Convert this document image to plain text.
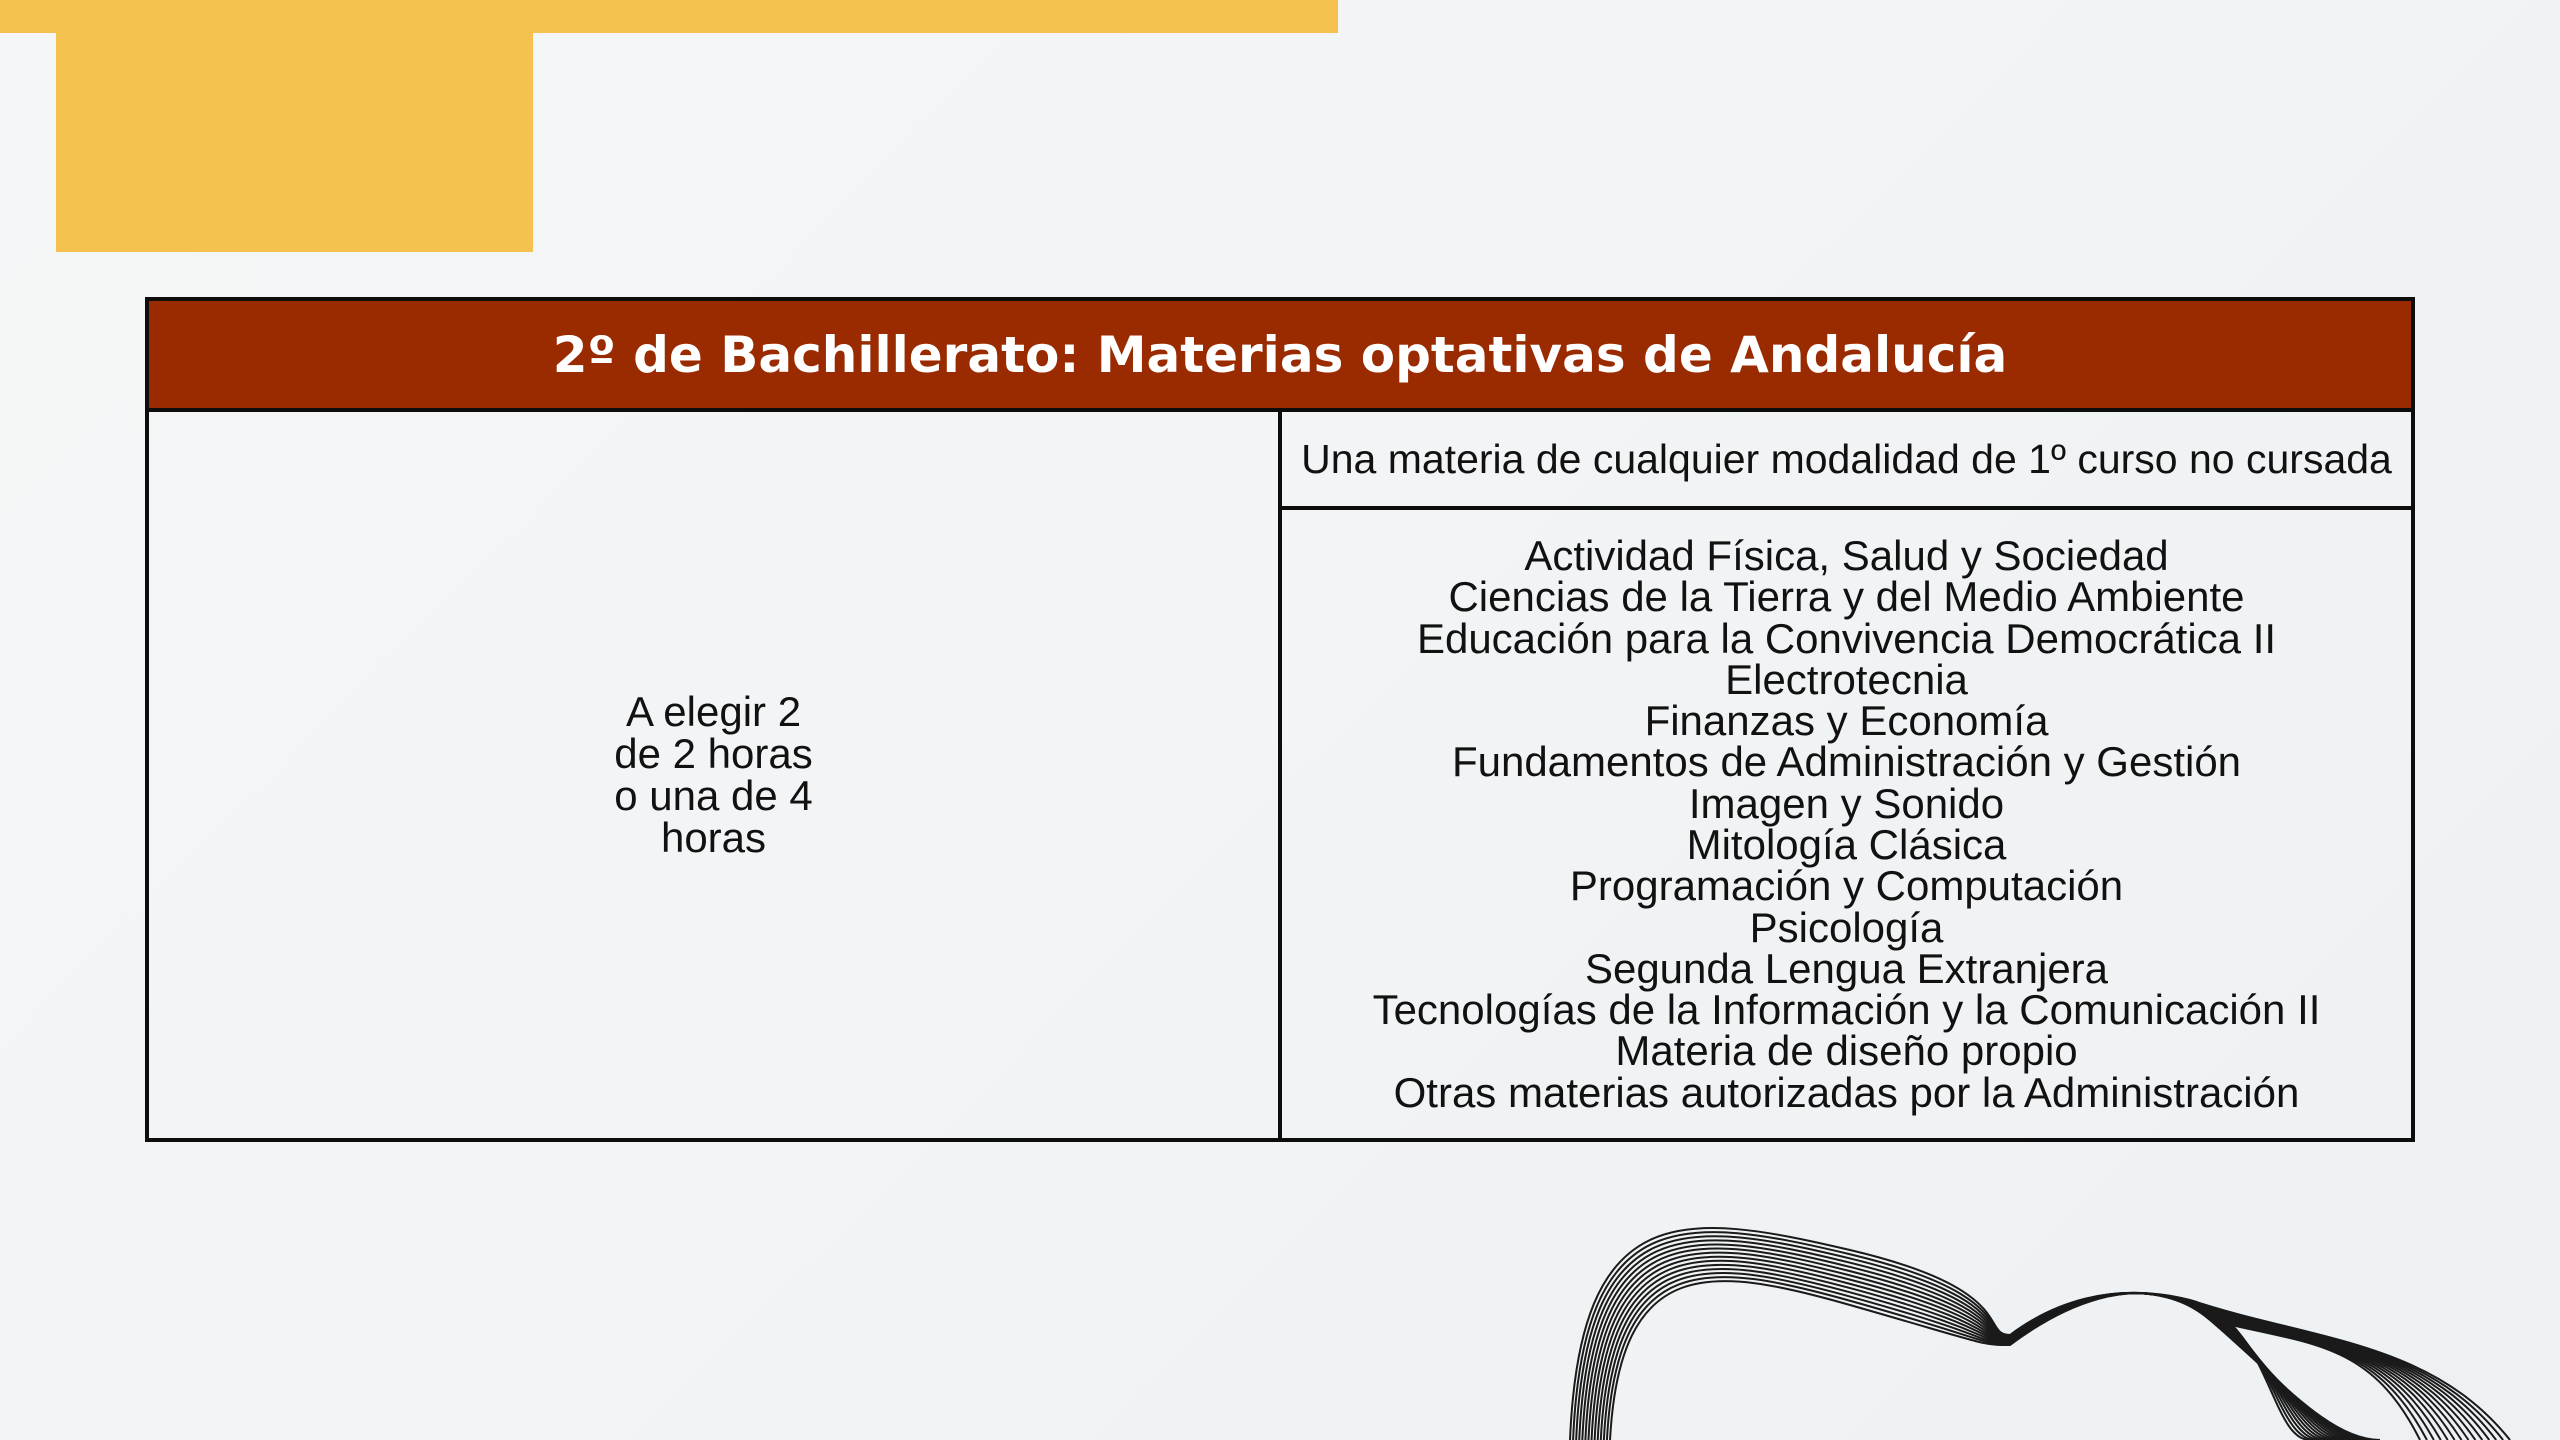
2º de Bachillerato: Materias optativas de Andalucía

A elegir 2 de 2 horas o una de 4 horas
	Una materia de cualquier modalidad de 1º curso no cursada

Actividad Física, Salud y Sociedad
Ciencias de la Tierra y del Medio Ambiente
Educación para la Convivencia Democrática II
Electrotecnia
Finanzas y Economía
Fundamentos de Administración y Gestión
Imagen y Sonido
Mitología Clásica
Programación y Computación
Psicología
Segunda Lengua Extranjera
Tecnologías de la Información y la Comunicación II
Materia de diseño propio
Otras materias autorizadas por la Administración
